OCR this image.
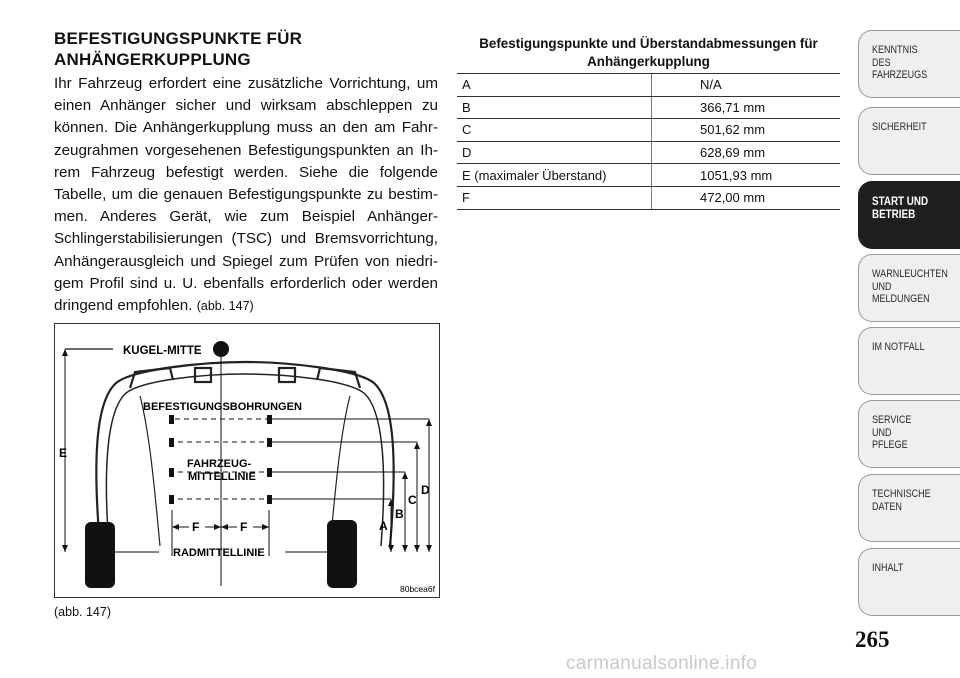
BEFESTIGUNGSPUNKTE FÜR ANHÄNGERKUPPLUNG
Ihr Fahrzeug erfordert eine zusätzliche Vorrichtung, um einen Anhänger sicher und wirksam abschleppen zu können. Die Anhängerkupplung muss an den am Fahrzeugrahmen vorgesehenen Befestigungspunkten an Ihrem Fahrzeug befestigt werden. Siehe die folgende Tabelle, um die genauen Befestigungspunkte zu bestimmen. Anderes Gerät, wie zum Beispiel Anhänger-Schlingerstabilisierungen (TSC) und Bremsvorrichtung, Anhängerausgleich und Spiegel zum Prüfen von niedrigem Profil sind u. U. ebenfalls erforderlich oder werden dringend empfohlen. (abb. 147)
KUGEL-MITTE
E
BEFESTIGUNGSBOHRUNGEN
FAHRZEUG-
MITTELLINIE
D
C
B
A
F	F
RADMITTELLINIE
80bcea6f
(abb. 147)
Befestigungspunkte und Überstandabmessungen für Anhängerkupplung	
A	N/A
B	366,71 mm
C	501,62 mm
D	628,69 mm
E (maximaler Überstand)	1051,93 mm
F	472,00 mm
KENNTNIS
DES
FAHRZEUGS
SICHERHEIT
START UND
BETRIEB
WARNLEUCHTEN
UND
MELDUNGEN
IM NOTFALL
SERVICE
UND
PFLEGE
TECHNISCHE
DATEN
INHALT
265
carmanualsonline.info
